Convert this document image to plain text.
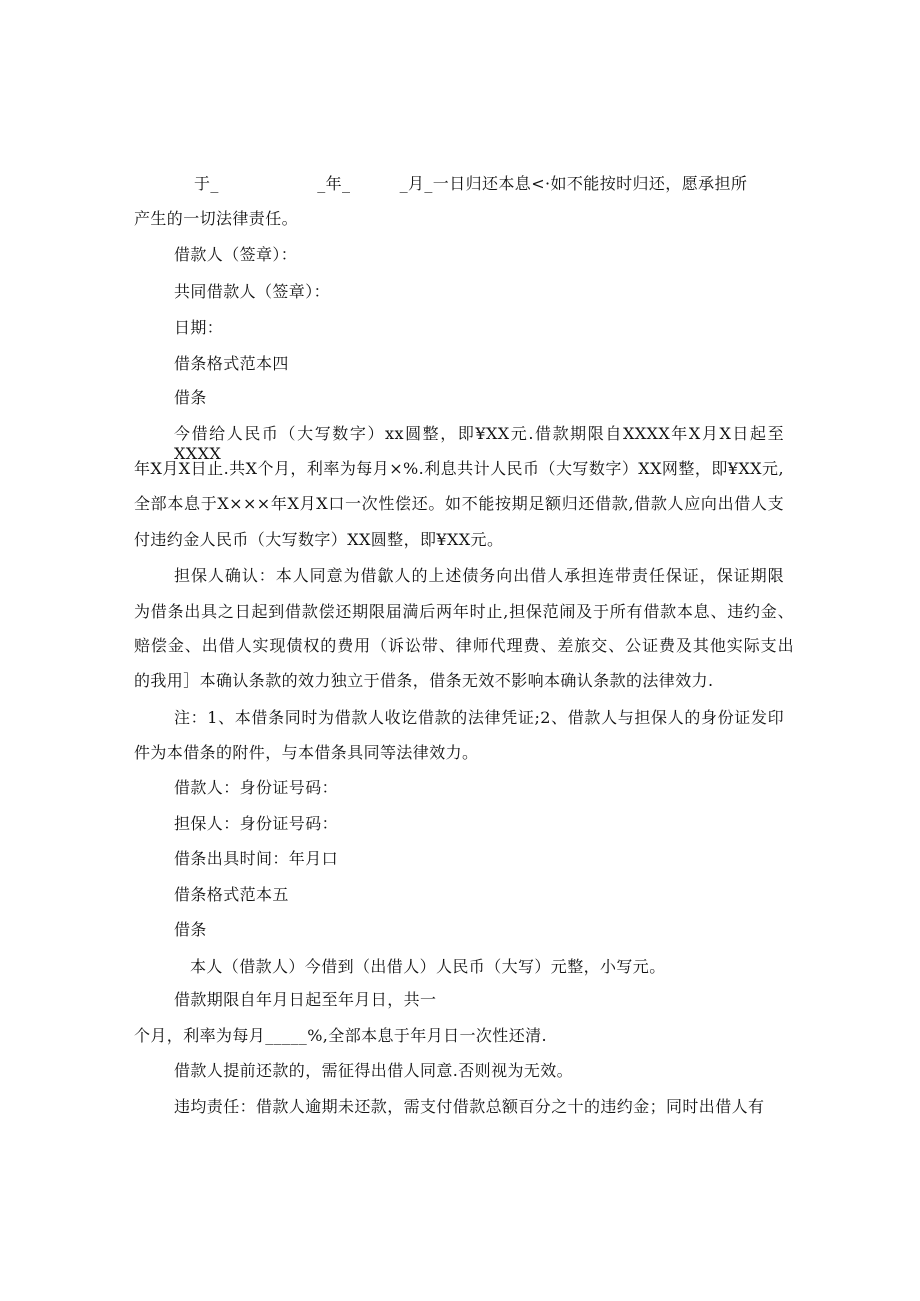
于_　　　　　　_年_　　　_月_一日归还本息<·如不能按时归还，愿承担所
产生的一切法律责任。
借款人（签章）：
共同借款人（签章）：
日期：
借条格式范本四
借条
今借给人民币（大写数字）xx圆整，即¥XX元.借款期限自XXXX年X月X日起至XXXX
年X月X日止.共X个月，利率为每月×%.利息共计人民币（大写数字）XX网整，即¥XX元,
全部本息于X×××年X月X口一次性偿还。如不能按期足额归还借款,借款人应向出借人支
付违约金人民币（大写数字）XX圆整，即¥XX元。
担保人确认：本人同意为借歙人的上述债务向出借人承担连带责任保证，保证期限
为借条出具之日起到借款偿还期限届満后两年时止,担保范闹及于所有借款本息、违约金、
赔偿金、出借人实现债权的费用（诉讼带、律师代理费、差旅交、公证费及其他实际支出
的我用］本确认条款的效力独立于借条，借条无效不影响本确认条款的法律效力.
注：1、本借条同时为借款人收讫借款的法律凭证;2、借款人与担保人的身份证发印
件为本借条的附件，与本借条具同等法律效力。
借款人：身份证号码：
担保人：身份证号码：
借条出具时间：年月口
借条格式范本五
借条
本人（借款人）今借到（出借人）人民币（大写）元整，小写元。
借款期限自年月日起至年月日，共一
个月，利率为每月_____%,全部本息于年月日一次性还清.
借款人提前还款的，需征得出借人同意.否则视为无效。
违均责任：借款人逾期未还款，需支付借款总额百分之十的违约金；同时出借人有
